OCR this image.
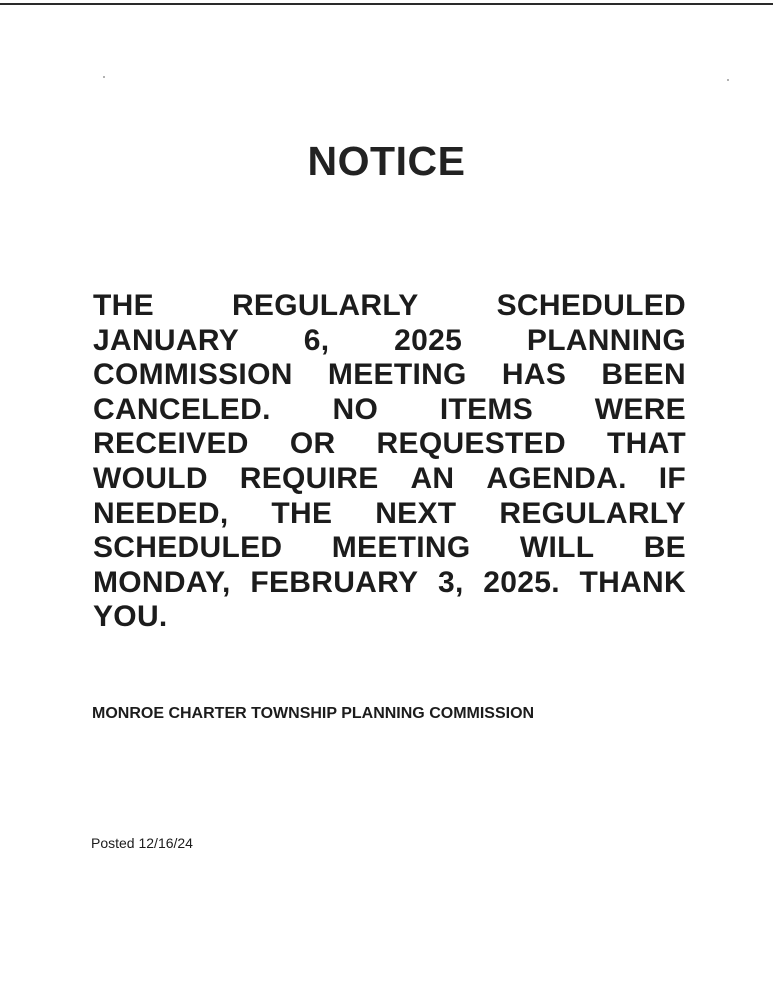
NOTICE
THE	REGULARLY	SCHEDULED
JANUARY 6, 2025 PLANNING
COMMISSION MEETING HAS BEEN
CANCELED. NO ITEMS WERE
RECEIVED OR REQUESTED THAT
WOULD REQUIRE AN AGENDA. IF
NEEDED, THE NEXT REGULARLY
SCHEDULED MEETING WILL BE
MONDAY, FEBRUARY 3, 2025. THANK
YOU.
MONROE CHARTER TOWNSHIP PLANNING COMMISSION
Posted 12/16/24
